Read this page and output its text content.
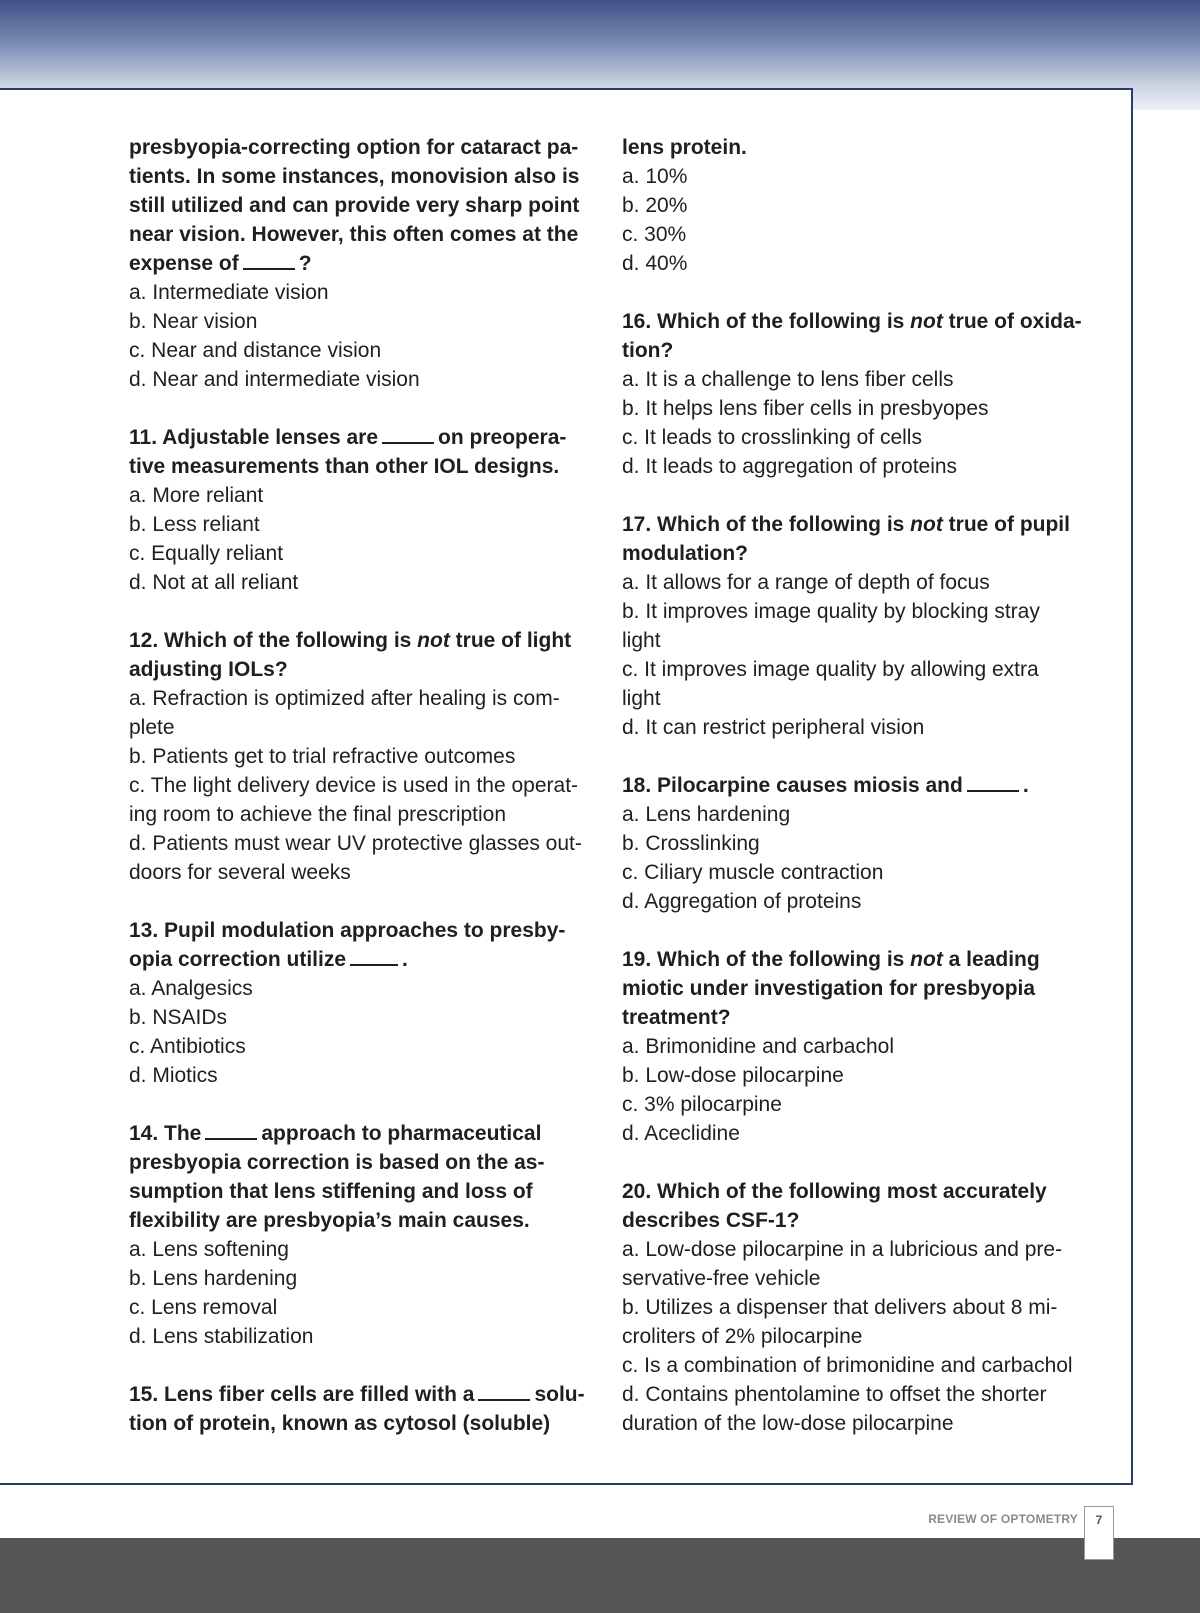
presbyopia-correcting option for cataract pa-
tients. In some instances, monovision also is
still utilized and can provide very sharp point
near vision. However, this often comes at the
expense of	?
a. Intermediate vision
b. Near vision
c. Near and distance vision
d. Near and intermediate vision
11. Adjustable lenses are	on preopera-
tive measurements than other IOL designs.
a. More reliant
b. Less reliant
c. Equally reliant
d. Not at all reliant
12. Which of the following is not true of light
adjusting IOLs?
a. Refraction is optimized after healing is com-
plete
b. Patients get to trial refractive outcomes
c. The light delivery device is used in the operat-
ing room to achieve the final prescription
d. Patients must wear UV protective glasses out-
doors for several weeks
13. Pupil modulation approaches to presby-
opia correction utilize	.
a. Analgesics
b. NSAIDs
c. Antibiotics
d. Miotics
14. The	approach to pharmaceutical
presbyopia correction is based on the as-
sumption that lens stiffening and loss of
flexibility are presbyopia’s main causes.
a. Lens softening
b. Lens hardening
c. Lens removal
d. Lens stabilization
15. Lens fiber cells are filled with a	solu-
tion of protein, known as cytosol (soluble)
lens protein.
a. 10%
b. 20%
c. 30%
d. 40%
16. Which of the following is not true of oxida-
tion?
a. It is a challenge to lens fiber cells
b. It helps lens fiber cells in presbyopes
c. It leads to crosslinking of cells
d. It leads to aggregation of proteins
17. Which of the following is not true of pupil
modulation?
a. It allows for a range of depth of focus
b. It improves image quality by blocking stray
light
c. It improves image quality by allowing extra
light
d. It can restrict peripheral vision
18. Pilocarpine causes miosis and	.
a. Lens hardening
b. Crosslinking
c. Ciliary muscle contraction
d. Aggregation of proteins
19. Which of the following is not a leading
miotic under investigation for presbyopia
treatment?
a. Brimonidine and carbachol
b. Low-dose pilocarpine
c. 3% pilocarpine
d. Aceclidine
20. Which of the following most accurately
describes CSF-1?
a. Low-dose pilocarpine in a lubricious and pre-
servative-free vehicle
b. Utilizes a dispenser that delivers about 8 mi-
croliters of 2% pilocarpine
c. Is a combination of brimonidine and carbachol
d. Contains phentolamine to offset the shorter
duration of the low-dose pilocarpine
REVIEW OF OPTOMETRY	7
